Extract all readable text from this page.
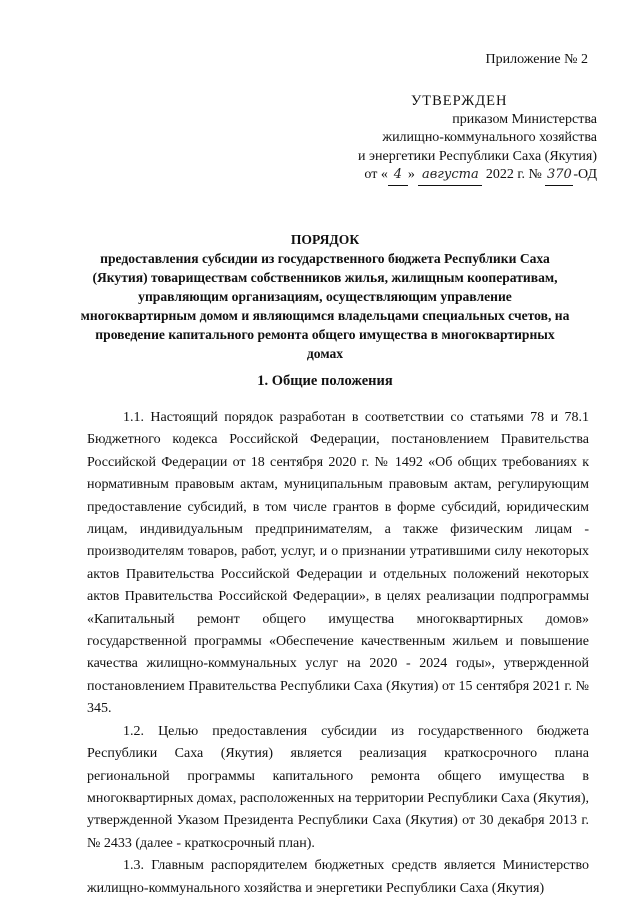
Приложение № 2
УТВЕРЖДЕН
приказом Министерства
жилищно-коммунального хозяйства
и энергетики Республики Саха (Якутия)
от « 4 » августа 2022 г. № 370 -ОД
ПОРЯДОК
предоставления субсидии из государственного бюджета Республики Саха (Якутия) товариществам собственников жилья, жилищным кооперативам, управляющим организациям, осуществляющим управление многоквартирным домом и являющимся владельцами специальных счетов, на проведение капитального ремонта общего имущества в многоквартирных домах
1. Общие положения

1.1. Настоящий порядок разработан в соответствии со статьями 78 и 78.1 Бюджетного кодекса Российской Федерации, постановлением Правительства Российской Федерации от 18 сентября 2020 г. № 1492 «Об общих требованиях к нормативным правовым актам, муниципальным правовым актам, регулирующим предоставление субсидий, в том числе грантов в форме субсидий, юридическим лицам, индивидуальным предпринимателям, а также физическим лицам - производителям товаров, работ, услуг, и о признании утратившими силу некоторых актов Правительства Российской Федерации и отдельных положений некоторых актов Правительства Российской Федерации», в целях реализации подпрограммы «Капитальный ремонт общего имущества многоквартирных домов» государственной программы «Обеспечение качественным жильем и повышение качества жилищно-коммунальных услуг на 2020 - 2024 годы», утвержденной постановлением Правительства Республики Саха (Якутия) от 15 сентября 2021 г. № 345.

1.2. Целью предоставления субсидии из государственного бюджета Республики Саха (Якутия) является реализация краткосрочного плана региональной программы капитального ремонта общего имущества в многоквартирных домах, расположенных на территории Республики Саха (Якутия), утвержденной Указом Президента Республики Саха (Якутия) от 30 декабря 2013 г. № 2433 (далее - краткосрочный план).

1.3. Главным распорядителем бюджетных средств является Министерство жилищно-коммунального хозяйства и энергетики Республики Саха (Якутия)
